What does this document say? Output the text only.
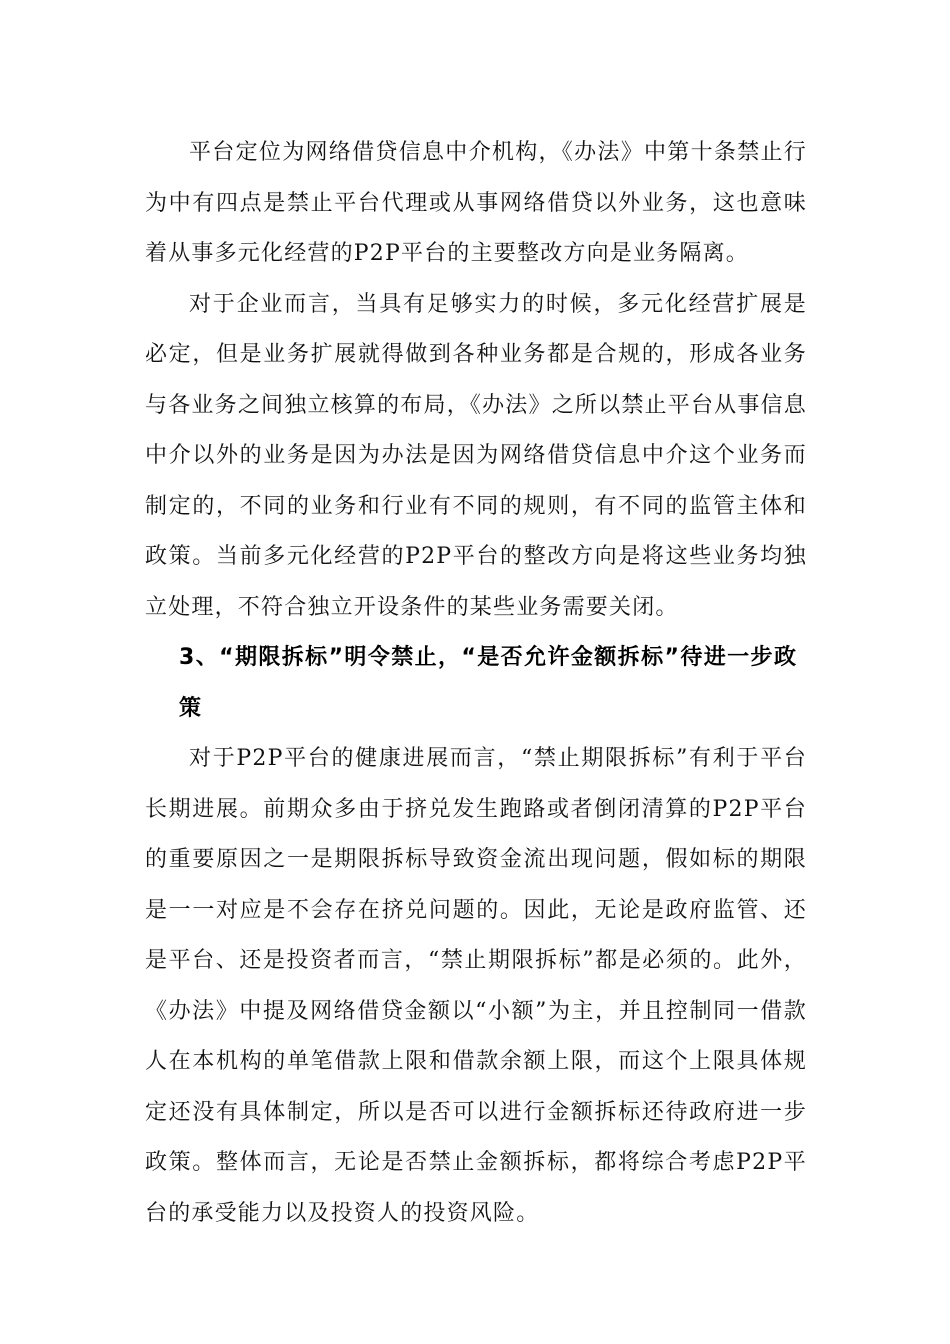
平台定位为网络借贷信息中介机构，《办法》中第十条禁止行为中有四点是禁止平台代理或从事网络借贷以外业务，这也意味着从事多元化经营的P2P平台的主要整改方向是业务隔离。

对于企业而言，当具有足够实力的时候，多元化经营扩展是必定，但是业务扩展就得做到各种业务都是合规的，形成各业务与各业务之间独立核算的布局，《办法》之所以禁止平台从事信息中介以外的业务是因为办法是因为网络借贷信息中介这个业务而制定的，不同的业务和行业有不同的规则，有不同的监管主体和政策。当前多元化经营的P2P平台的整改方向是将这些业务均独立处理，不符合独立开设条件的某些业务需要关闭。

3、“期限拆标”明令禁止，“是否允许金额拆标”待进一步政策

对于P2P平台的健康进展而言，“禁止期限拆标”有利于平台长期进展。前期众多由于挤兑发生跑路或者倒闭清算的P2P平台的重要原因之一是期限拆标导致资金流出现问题，假如标的期限是一一对应是不会存在挤兑问题的。因此，无论是政府监管、还是平台、还是投资者而言，“禁止期限拆标”都是必须的。此外，《办法》中提及网络借贷金额以“小额”为主，并且控制同一借款人在本机构的单笔借款上限和借款余额上限，而这个上限具体规定还没有具体制定，所以是否可以进行金额拆标还待政府进一步政策。整体而言，无论是否禁止金额拆标，都将综合考虑P2P平台的承受能力以及投资人的投资风险。
